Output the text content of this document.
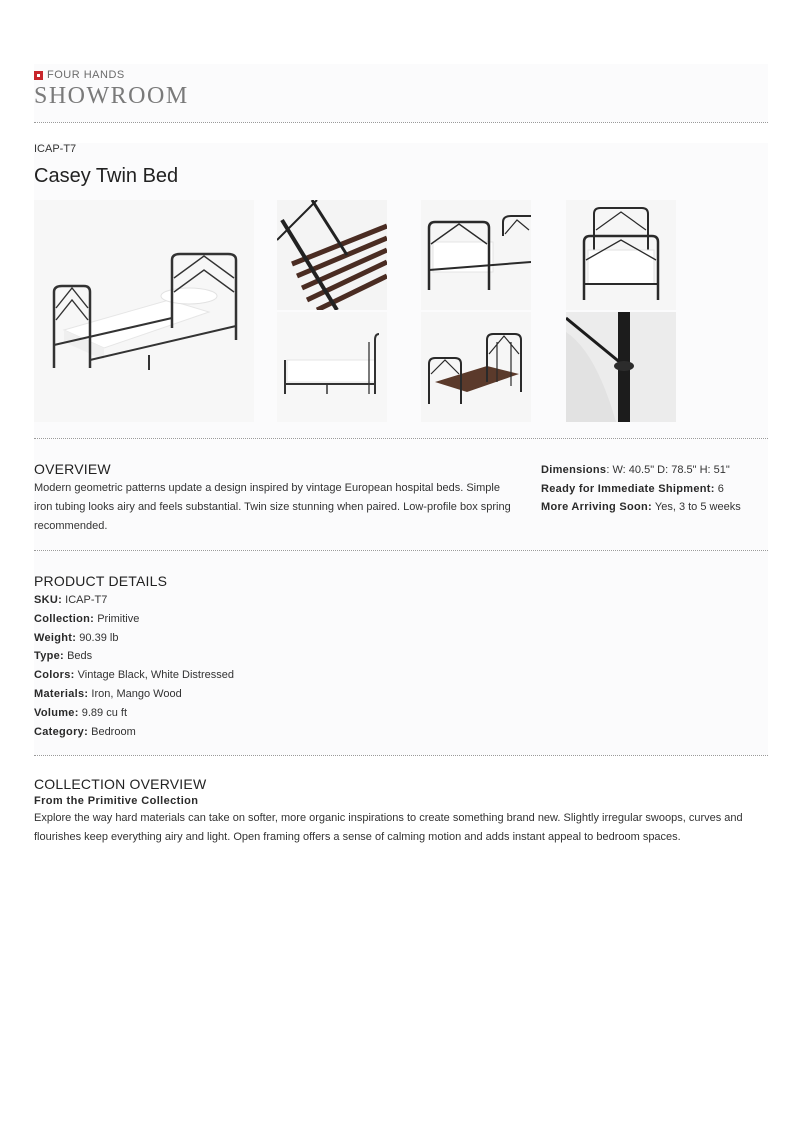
FOUR HANDS
SHOWROOM
ICAP-T7
Casey Twin Bed
OVERVIEW
Modern geometric patterns update a design inspired by vintage European hospital beds. Simple iron tubing looks airy and feels substantial. Twin size stunning when paired. Low-profile box spring recommended.
Dimensions: W: 40.5" D: 78.5" H: 51"
Ready for Immediate Shipment: 6
More Arriving Soon: Yes, 3 to 5 weeks
PRODUCT DETAILS
SKU: ICAP-T7
Collection: Primitive
Weight: 90.39 lb
Type: Beds
Colors: Vintage Black, White Distressed
Materials: Iron, Mango Wood
Volume: 9.89 cu ft
Category: Bedroom
COLLECTION OVERVIEW
From the Primitive Collection
Explore the way hard materials can take on softer, more organic inspirations to create something brand new. Slightly irregular swoops, curves and flourishes keep everything airy and light. Open framing offers a sense of calming motion and adds instant appeal to bedroom spaces.
